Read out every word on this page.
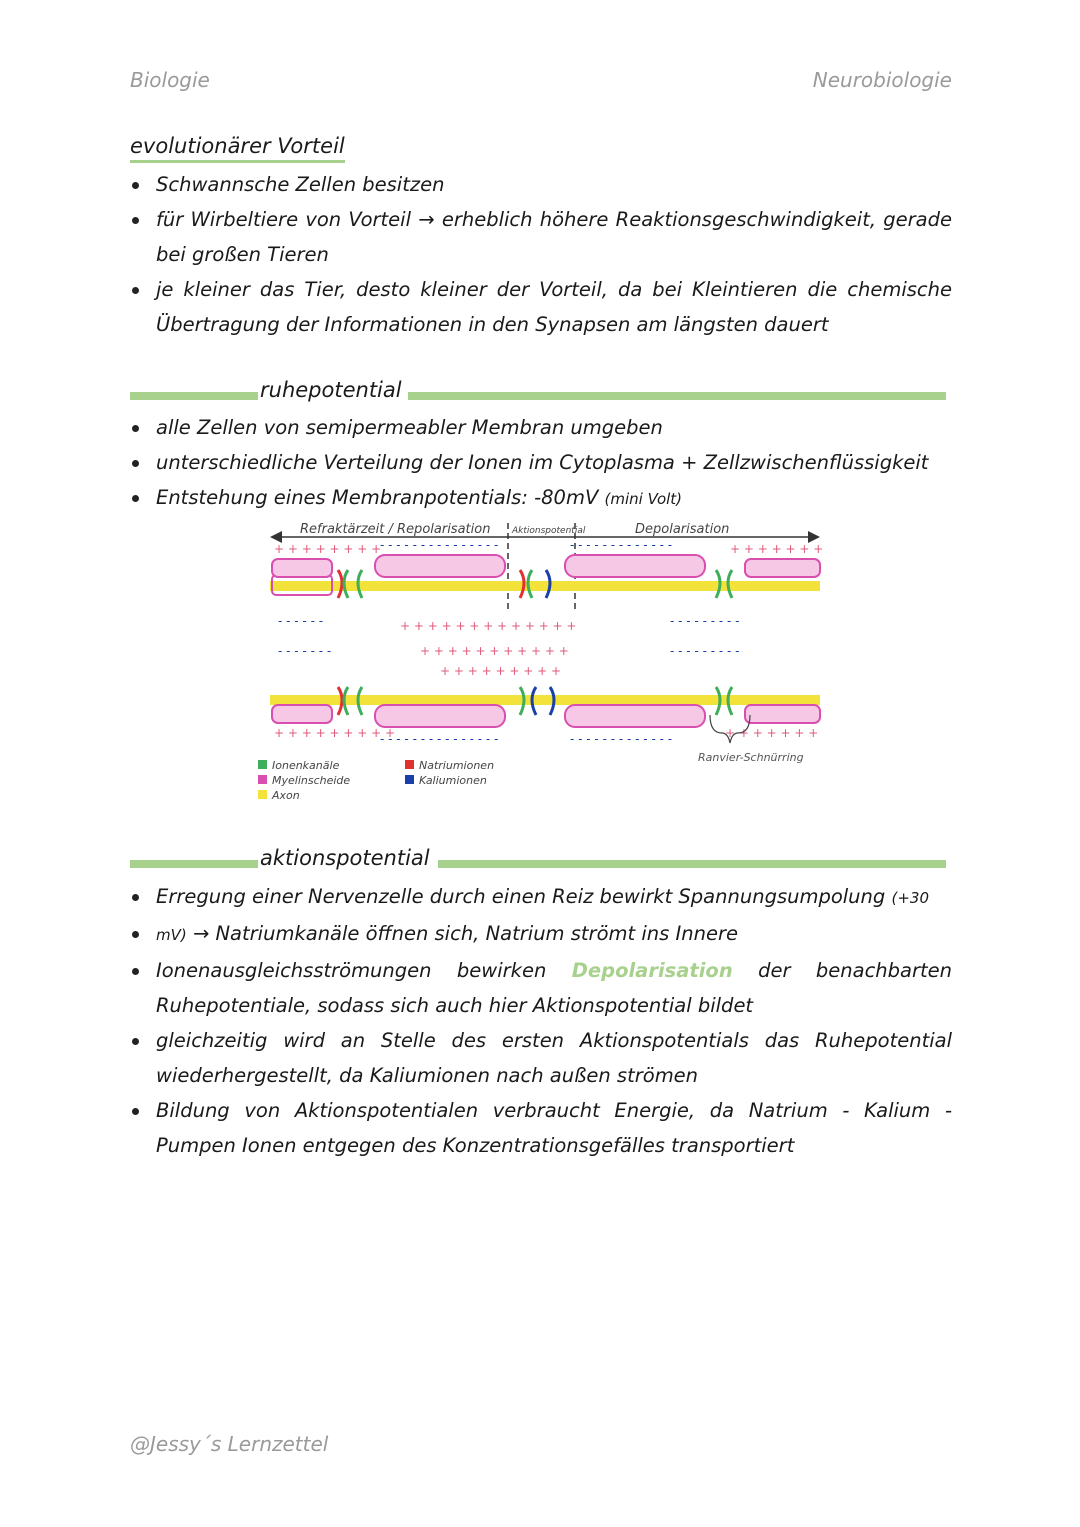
Biologie	Neurobiologie
evolutionärer Vorteil
Schwannsche Zellen besitzen
für Wirbeltiere von Vorteil → erheblich höhere Reaktionsgeschwindigkeit, gerade bei großen Tieren
je kleiner das Tier, desto kleiner der Vorteil, da bei Kleintieren die chemische Übertragung der Informationen in den Synapsen am längsten dauert
ruhepotential
alle Zellen von semipermeabler Membran umgeben
unterschiedliche Verteilung der Ionen im Cytoplasma + Zellzwischenflüssigkeit
Entstehung eines Membranpotentials: -80mV (mini Volt)
Refraktärzeit / Repolarisation Aktionspotential	Depolarisation
+ + + + + + + +	+ + + + + + +
- - - - - - - - - - - - - - -	- - - - - - - - - - - - -
- - - - - -
- - - - - - -
- - - - - - - - -
- - - - - - - - -
+ + + + + + + + + + + + +
+ + + + + + + + + + +
+ + + + + + + + +
+ + + + + + + + +
- - - - - - - - - - - - - - -	- - - - - - - - - - - - -	+ + + + + + +
Ranvier-Schnürring
Ionenkanäle
Myelinscheide
Axon
Natriumionen
Kaliumionen
aktionspotential
Erregung einer Nervenzelle durch einen Reiz bewirkt Spannungsumpolung (+30
mV) → Natriumkanäle öffnen sich, Natrium strömt ins Innere
Ionenausgleichsströmungen bewirken Depolarisation der benachbarten Ruhepotentiale, sodass sich auch hier Aktionspotential bildet
gleichzeitig wird an Stelle des ersten Aktionspotentials das Ruhepotential wiederhergestellt, da Kaliumionen nach außen strömen
Bildung von Aktionspotentialen verbraucht Energie, da Natrium - Kalium - Pumpen Ionen entgegen des Konzentrationsgefälles transportiert
@Jessy´s Lernzettel
